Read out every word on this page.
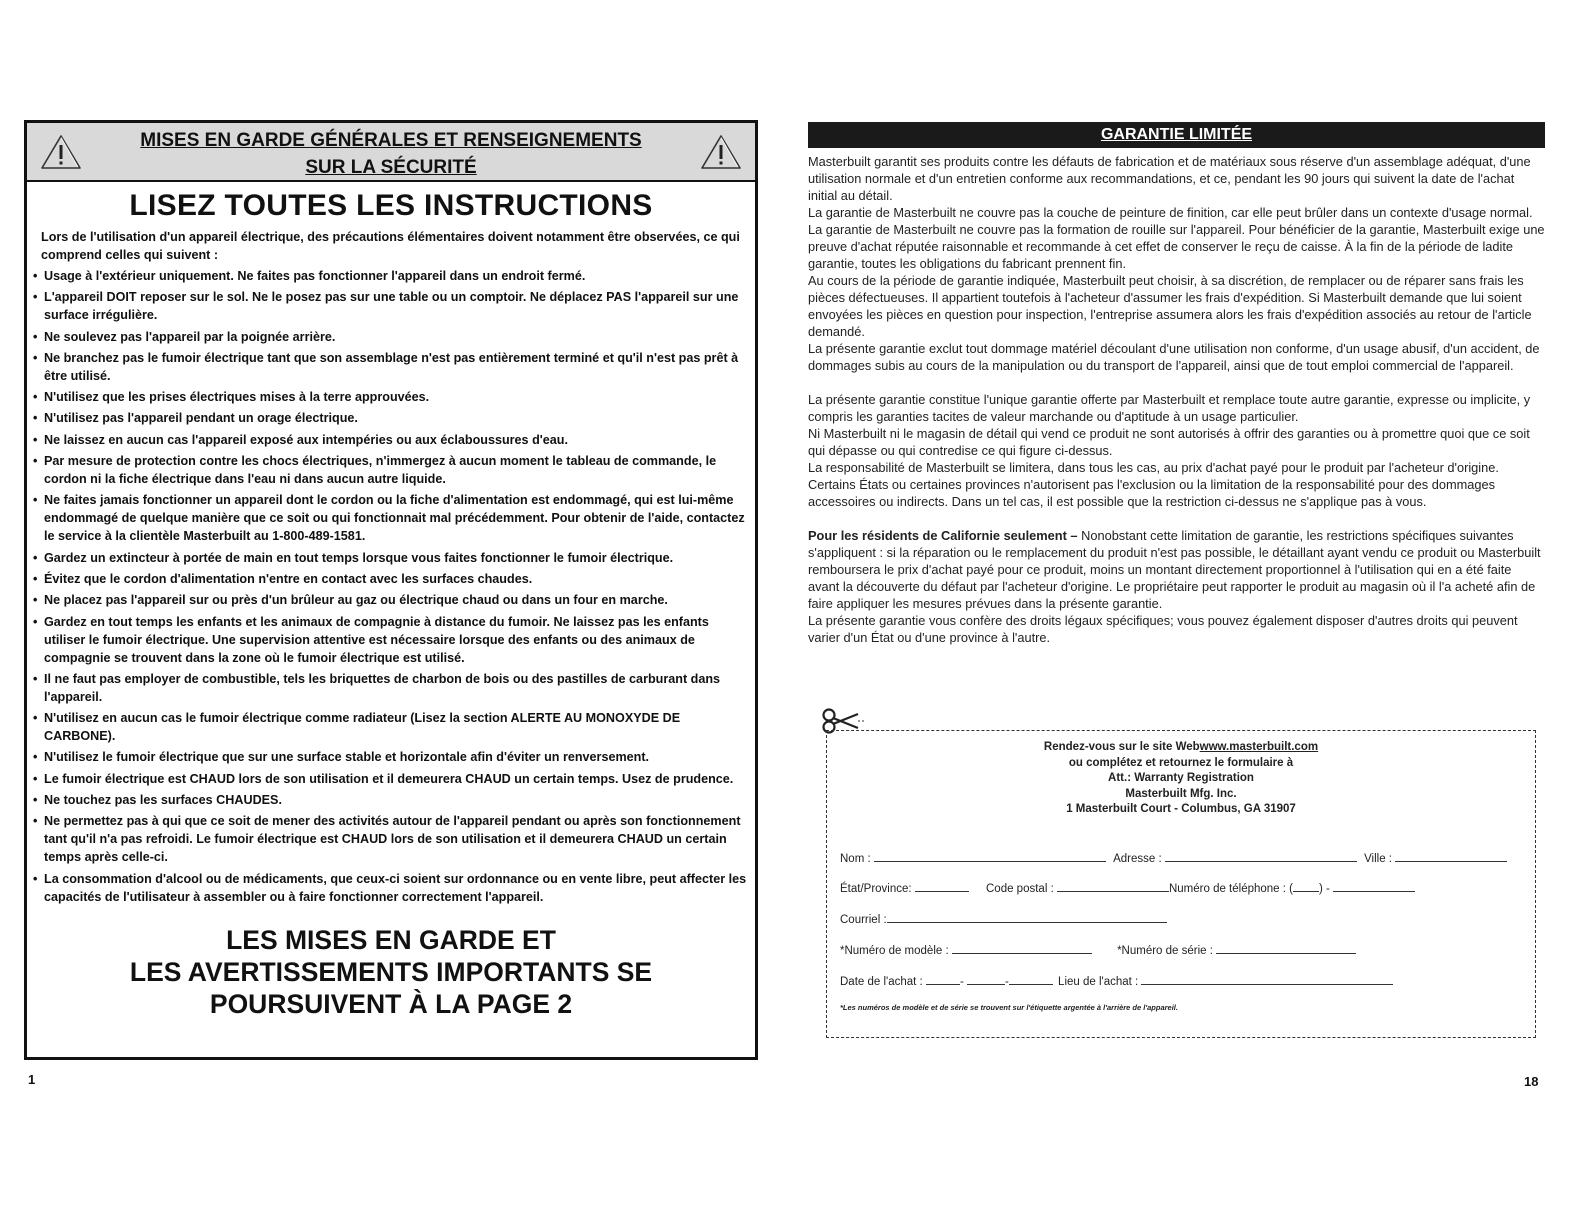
MISES EN GARDE GÉNÉRALES ET RENSEIGNEMENTS
SUR LA SÉCURITÉ
LISEZ TOUTES LES INSTRUCTIONS
Lors de l'utilisation d'un appareil électrique, des précautions élémentaires doivent notamment être observées, ce qui comprend celles qui suivent :
• Usage à l'extérieur uniquement. Ne faites pas fonctionner l'appareil dans un endroit fermé.
• L'appareil DOIT reposer sur le sol. Ne le posez pas sur une table ou un comptoir. Ne déplacez PAS l'appareil sur une surface irrégulière.
• Ne soulevez pas l'appareil par la poignée arrière.
• Ne branchez pas le fumoir électrique tant que son assemblage n'est pas entièrement terminé et qu'il n'est pas prêt à être utilisé.
• N'utilisez que les prises électriques mises à la terre approuvées.
• N'utilisez pas l'appareil pendant un orage électrique.
• Ne laissez en aucun cas l'appareil exposé aux intempéries ou aux éclaboussures d'eau.
• Par mesure de protection contre les chocs électriques, n'immergez à aucun moment le tableau de commande, le cordon ni la fiche électrique dans l'eau ni dans aucun autre liquide.
• Ne faites jamais fonctionner un appareil dont le cordon ou la fiche d'alimentation est endommagé, qui est lui-même endommagé de quelque manière que ce soit ou qui fonctionnait mal précédemment. Pour obtenir de l'aide, contactez le service à la clientèle Masterbuilt au 1-800-489-1581.
• Gardez un extincteur à portée de main en tout temps lorsque vous faites fonctionner le fumoir électrique.
• Évitez que le cordon d'alimentation n'entre en contact avec les surfaces chaudes.
• Ne placez pas l'appareil sur ou près d'un brûleur au gaz ou électrique chaud ou dans un four en marche.
• Gardez en tout temps les enfants et les animaux de compagnie à distance du fumoir. Ne laissez pas les enfants utiliser le fumoir électrique. Une supervision attentive est nécessaire lorsque des enfants ou des animaux de compagnie se trouvent dans la zone où le fumoir électrique est utilisé.
• Il ne faut pas employer de combustible, tels les briquettes de charbon de bois ou des pastilles de carburant dans l'appareil.
• N'utilisez en aucun cas le fumoir électrique comme radiateur (Lisez la section ALERTE AU MONOXYDE DE CARBONE).
• N'utilisez le fumoir électrique que sur une surface stable et horizontale afin d'éviter un renversement.
• Le fumoir électrique est CHAUD lors de son utilisation et il demeurera CHAUD un certain temps. Usez de prudence.
• Ne touchez pas les surfaces CHAUDES.
• Ne permettez pas à qui que ce soit de mener des activités autour de l'appareil pendant ou après son fonctionnement tant qu'il n'a pas refroidi. Le fumoir électrique est CHAUD lors de son utilisation et il demeurera CHAUD un certain temps après celle-ci.
• La consommation d'alcool ou de médicaments, que ceux-ci soient sur ordonnance ou en vente libre, peut affecter les capacités de l'utilisateur à assembler ou à faire fonctionner correctement l'appareil.
LES MISES EN GARDE ET
LES AVERTISSEMENTS IMPORTANTS SE
POURSUIVENT À LA PAGE 2
1
GARANTIE LIMITÉE

Masterbuilt garantit ses produits contre les défauts de fabrication et de matériaux sous réserve d'un assemblage adéquat, d'une utilisation normale et d'un entretien conforme aux recommandations, et ce, pendant les 90 jours qui suivent la date de l'achat initial au détail.

La garantie de Masterbuilt ne couvre pas la couche de peinture de finition, car elle peut brûler dans un contexte d'usage normal.

La garantie de Masterbuilt ne couvre pas la formation de rouille sur l'appareil. Pour bénéficier de la garantie, Masterbuilt exige une preuve d'achat réputée raisonnable et recommande à cet effet de conserver le reçu de caisse. À la fin de la période de ladite garantie, toutes les obligations du fabricant prennent fin.

Au cours de la période de garantie indiquée, Masterbuilt peut choisir, à sa discrétion, de remplacer ou de réparer sans frais les pièces défectueuses. Il appartient toutefois à l'acheteur d'assumer les frais d'expédition. Si Masterbuilt demande que lui soient envoyées les pièces en question pour inspection, l'entreprise assumera alors les frais d'expédition associés au retour de l'article demandé.

La présente garantie exclut tout dommage matériel découlant d'une utilisation non conforme, d'un usage abusif, d'un accident, de dommages subis au cours de la manipulation ou du transport de l'appareil, ainsi que de tout emploi commercial de l'appareil.

La présente garantie constitue l'unique garantie offerte par Masterbuilt et remplace toute autre garantie, expresse ou implicite, y compris les garanties tacites de valeur marchande ou d'aptitude à un usage particulier.

Ni Masterbuilt ni le magasin de détail qui vend ce produit ne sont autorisés à offrir des garanties ou à promettre quoi que ce soit qui dépasse ou qui contredise ce qui figure ci-dessus.

La responsabilité de Masterbuilt se limitera, dans tous les cas, au prix d'achat payé pour le produit par l'acheteur d'origine. Certains États ou certaines provinces n'autorisent pas l'exclusion ou la limitation de la responsabilité pour des dommages accessoires ou indirects. Dans un tel cas, il est possible que la restriction ci-dessus ne s'applique pas à vous.

Pour les résidents de Californie seulement – Nonobstant cette limitation de garantie, les restrictions spécifiques suivantes s'appliquent : si la réparation ou le remplacement du produit n'est pas possible, le détaillant ayant vendu ce produit ou Masterbuilt remboursera le prix d'achat payé pour ce produit, moins un montant directement proportionnel à l'utilisation qui en a été faite avant la découverte du défaut par l'acheteur d'origine. Le propriétaire peut rapporter le produit au magasin où il l'a acheté afin de faire appliquer les mesures prévues dans la présente garantie.

La présente garantie vous confère des droits légaux spécifiques; vous pouvez également disposer d'autres droits qui peuvent varier d'un État ou d'une province à l'autre.

Rendez-vous sur le site Webwww.masterbuilt.com
ou complétez et retournez le formulaire à
Att.: Warranty Registration
Masterbuilt Mfg. Inc.
1 Masterbuilt Court - Columbus, GA 31907
Nom :	Adresse :	Ville :
État/Province:	Code postal :	Numéro de téléphone : ( ) -
Courriel :
*Numéro de modèle :	*Numéro de série :
Date de l'achat :	-	-	Lieu de l'achat :
*Les numéros de modèle et de série se trouvent sur l'étiquette argentée à l'arrière de l'appareil.
18
